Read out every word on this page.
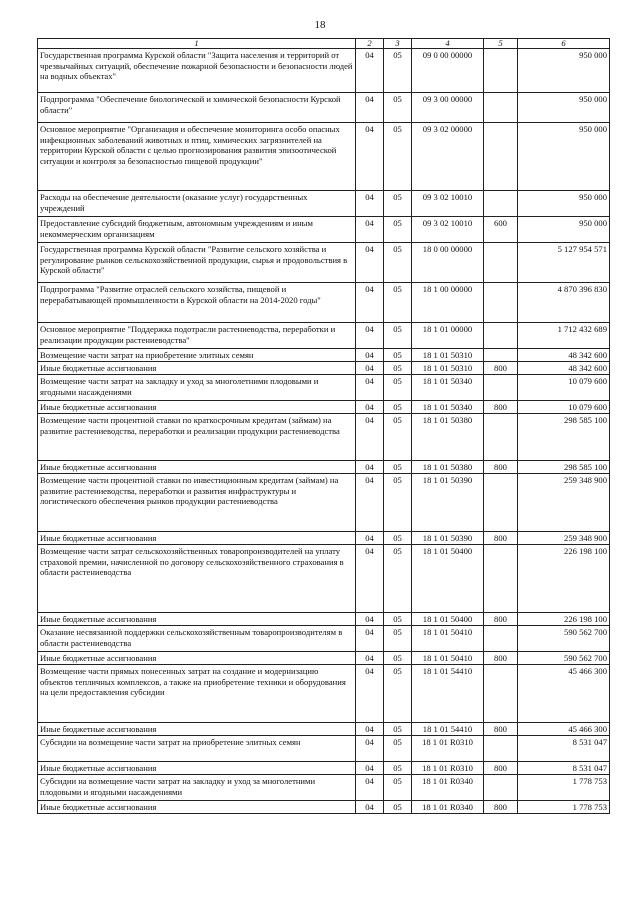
18
1	2	3	4	5	6
Государственная программа Курской области "Защита населения и территорий от чрезвычайных ситуаций, обеспечение пожарной безопасности и безопасности людей на водных объектах"	04	05	09 0 00 00000		950 000
Подпрограмма "Обеспечение биологической и химической безопасности Курской области"	04	05	09 3 00 00000		950 000
Основное мероприятие "Организация и обеспечение мониторинга особо опасных инфекционных заболеваний животных и птиц, химических загрязнителей на территории Курской области с целью прогнозирования развития эпизоотической ситуации и контроля за безопасностью пищевой продукции"	04	05	09 3 02 00000		950 000
Расходы на обеспечение деятельности (оказание услуг) государственных учреждений	04	05	09 3 02 10010		950 000
Предоставление субсидий бюджетным, автономным учреждениям и иным некоммерческим организациям	04	05	09 3 02 10010	600	950 000
Государственная программа Курской области "Развитие сельского хозяйства и регулирование рынков сельскохозяйственной продукции, сырья и продовольствия в Курской области"	04	05	18 0 00 00000		5 127 954 571
Подпрограмма "Развитие отраслей сельского хозяйства, пищевой и перерабатывающей промышленности в Курской области на 2014-2020 годы"	04	05	18 1 00 00000		4 870 396 830
Основное мероприятие "Поддержка подотрасли растениеводства, переработки и реализации продукции растениеводства"	04	05	18 1 01 00000		1 712 432 689
Возмещение части затрат на приобретение элитных семян	04	05	18 1 01 50310		48 342 600
Иные бюджетные ассигнования	04	05	18 1 01 50310	800	48 342 600
Возмещение части затрат на закладку и уход за многолетними плодовыми и ягодными насаждениями	04	05	18 1 01 50340		10 079 600
Иные бюджетные ассигнования	04	05	18 1 01 50340	800	10 079 600
Возмещение части процентной ставки по краткосрочным кредитам (займам) на развитие растениеводства, переработки и реализации продукции растениеводства	04	05	18 1 01 50380		298 585 100
Иные бюджетные ассигнования	04	05	18 1 01 50380	800	298 585 100
Возмещение части процентной ставки по инвестиционным кредитам (займам) на развитие растениеводства, переработки и развития инфраструктуры и логистического обеспечения рынков продукции растениеводства	04	05	18 1 01 50390		259 348 900
Иные бюджетные ассигнования	04	05	18 1 01 50390	800	259 348 900
Возмещение части затрат сельскохозяйственных товаропроизводителей на уплату страховой премии, начисленной по договору сельскохозяйственного страхования в области растениеводства	04	05	18 1 01 50400		226 198 100
Иные бюджетные ассигнования	04	05	18 1 01 50400	800	226 198 100
Оказание несвязанной поддержки сельскохозяйственным товаропроизводителям в области растениеводства	04	05	18 1 01 50410		590 562 700
Иные бюджетные ассигнования	04	05	18 1 01 50410	800	590 562 700
Возмещение части прямых понесенных затрат на создание и модернизацию объектов тепличных комплексов, а также на приобретение техники и оборудования на цели предоставления субсидии	04	05	18 1 01 54410		45 466 300
Иные бюджетные ассигнования	04	05	18 1 01 54410	800	45 466 300
Субсидии на возмещение части затрат на приобретение элитных семян	04	05	18 1 01 R0310		8 531 047
Иные бюджетные ассигнования	04	05	18 1 01 R0310	800	8 531 047
Субсидии на возмещение части затрат на закладку и уход за многолетними плодовыми и ягодными насаждениями	04	05	18 1 01 R0340		1 778 753
Иные бюджетные ассигнования	04	05	18 1 01 R0340	800	1 778 753
